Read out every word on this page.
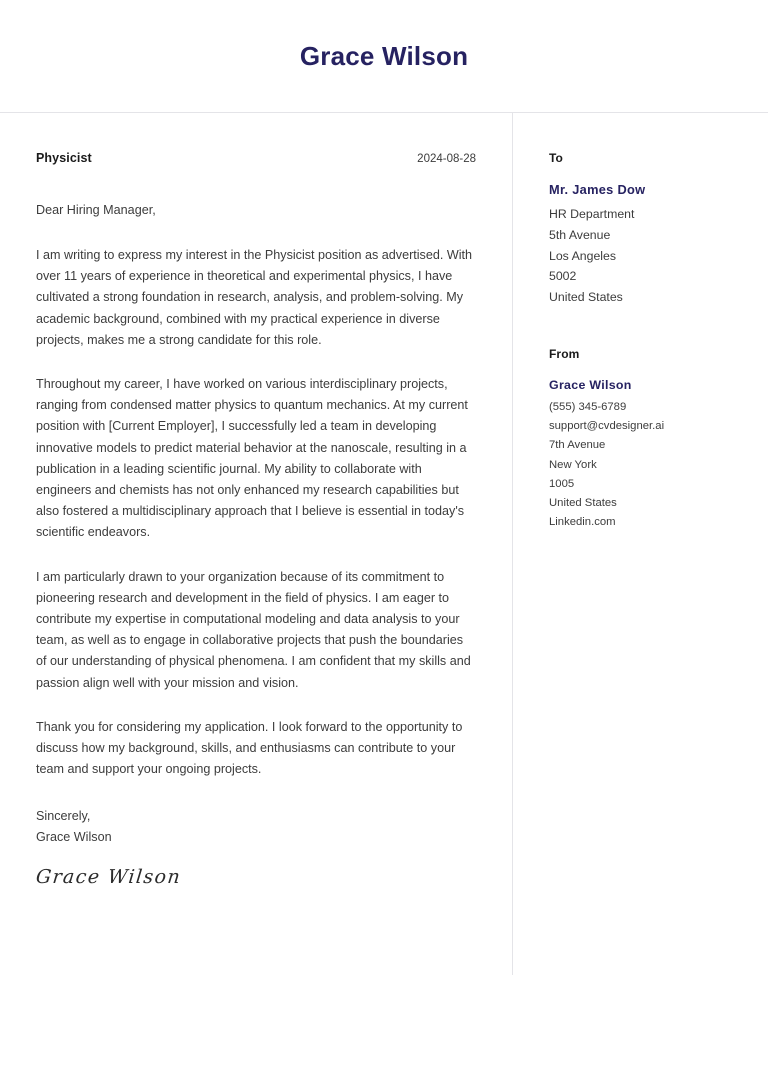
Grace Wilson
Physicist	2024-08-28
Dear Hiring Manager,

I am writing to express my interest in the Physicist position as advertised. With over 11 years of experience in theoretical and experimental physics, I have cultivated a strong foundation in research, analysis, and problem-solving. My academic background, combined with my practical experience in diverse projects, makes me a strong candidate for this role.

Throughout my career, I have worked on various interdisciplinary projects, ranging from condensed matter physics to quantum mechanics. At my current position with [Current Employer], I successfully led a team in developing innovative models to predict material behavior at the nanoscale, resulting in a publication in a leading scientific journal. My ability to collaborate with engineers and chemists has not only enhanced my research capabilities but also fostered a multidisciplinary approach that I believe is essential in today's scientific endeavors.

I am particularly drawn to your organization because of its commitment to pioneering research and development in the field of physics. I am eager to contribute my expertise in computational modeling and data analysis to your team, as well as to engage in collaborative projects that push the boundaries of our understanding of physical phenomena. I am confident that my skills and passion align well with your mission and vision.

Thank you for considering my application. I look forward to the opportunity to discuss how my background, skills, and enthusiasms can contribute to your team and support your ongoing projects.

Sincerely,
Grace Wilson
Grace Wilson
To
Mr. James Dow
HR Department
5th Avenue
Los Angeles
5002
United States
From
Grace Wilson
(555) 345-6789
support@cvdesigner.ai
7th Avenue
New York
1005
United States
Linkedin.com
